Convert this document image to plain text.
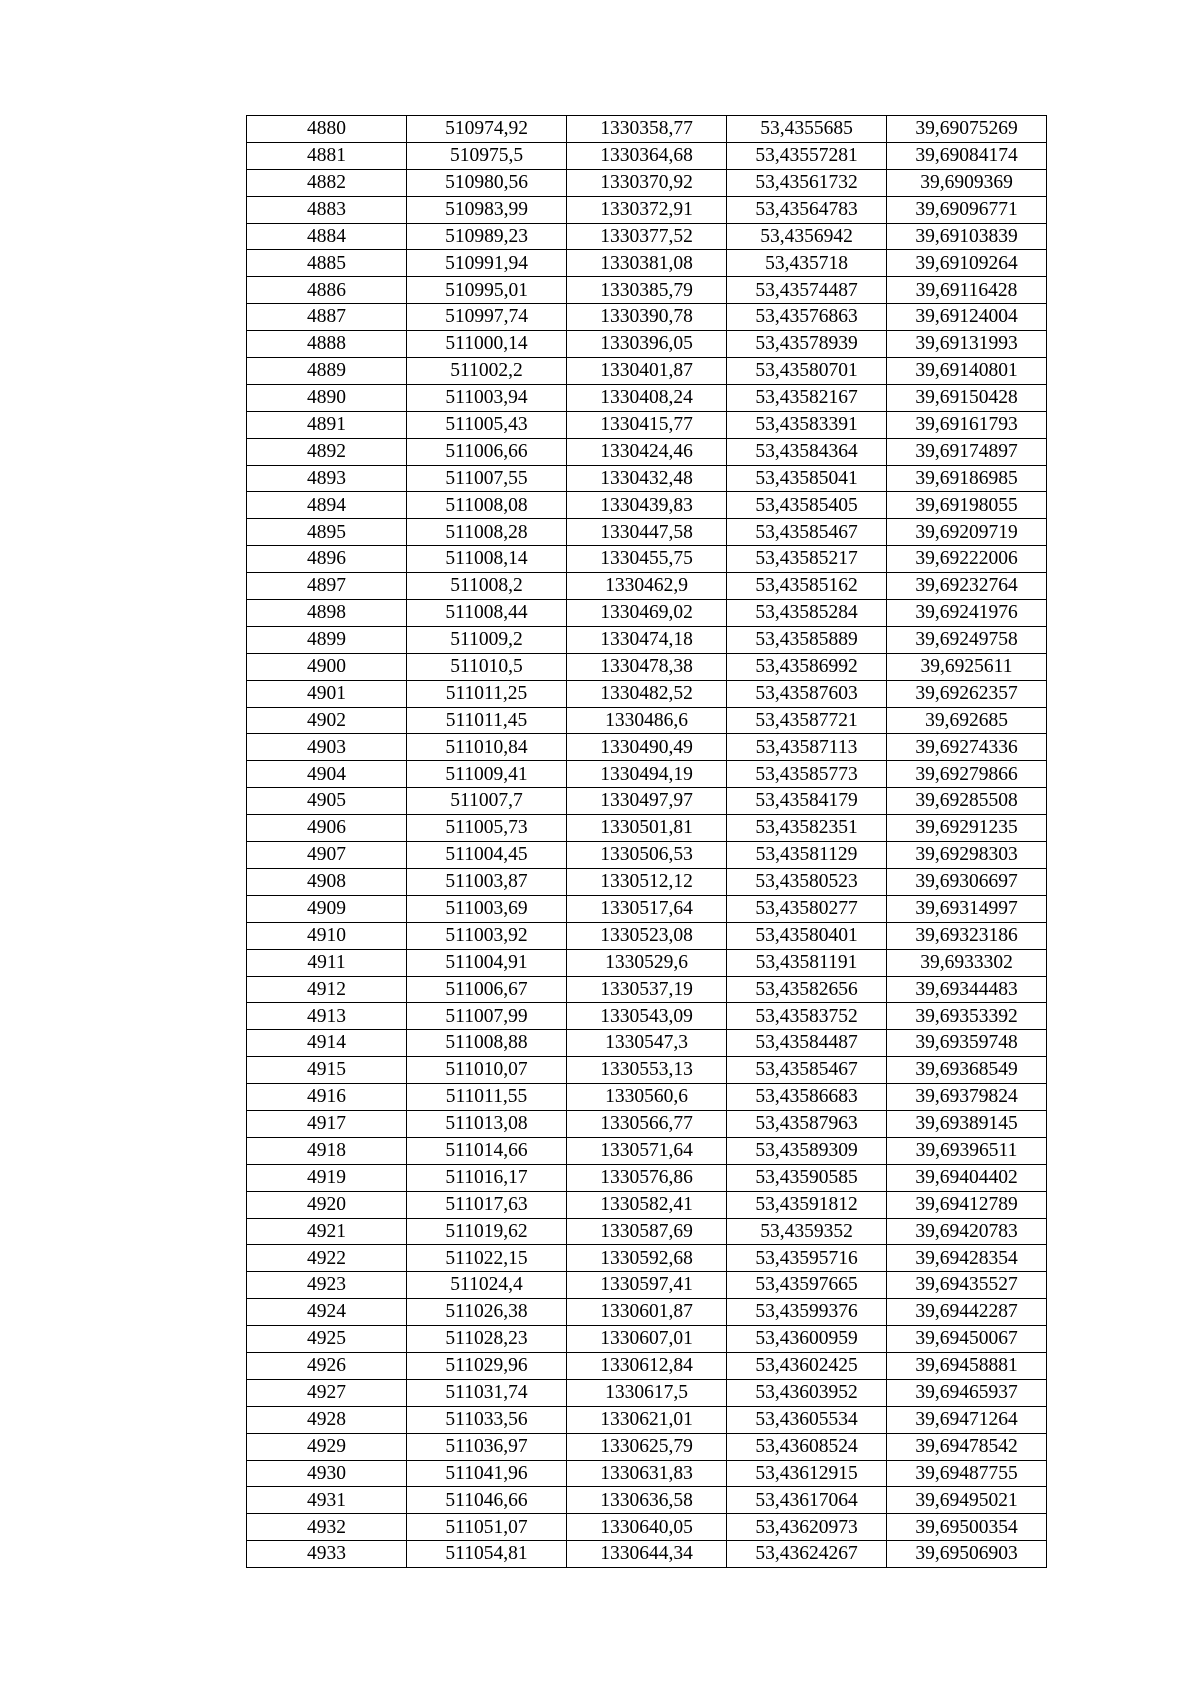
4880	510974,92	1330358,77	53,4355685	39,69075269
4881	510975,5	1330364,68	53,43557281	39,69084174
4882	510980,56	1330370,92	53,43561732	39,6909369
4883	510983,99	1330372,91	53,43564783	39,69096771
4884	510989,23	1330377,52	53,4356942	39,69103839
4885	510991,94	1330381,08	53,435718	39,69109264
4886	510995,01	1330385,79	53,43574487	39,69116428
4887	510997,74	1330390,78	53,43576863	39,69124004
4888	511000,14	1330396,05	53,43578939	39,69131993
4889	511002,2	1330401,87	53,43580701	39,69140801
4890	511003,94	1330408,24	53,43582167	39,69150428
4891	511005,43	1330415,77	53,43583391	39,69161793
4892	511006,66	1330424,46	53,43584364	39,69174897
4893	511007,55	1330432,48	53,43585041	39,69186985
4894	511008,08	1330439,83	53,43585405	39,69198055
4895	511008,28	1330447,58	53,43585467	39,69209719
4896	511008,14	1330455,75	53,43585217	39,69222006
4897	511008,2	1330462,9	53,43585162	39,69232764
4898	511008,44	1330469,02	53,43585284	39,69241976
4899	511009,2	1330474,18	53,43585889	39,69249758
4900	511010,5	1330478,38	53,43586992	39,6925611
4901	511011,25	1330482,52	53,43587603	39,69262357
4902	511011,45	1330486,6	53,43587721	39,692685
4903	511010,84	1330490,49	53,43587113	39,69274336
4904	511009,41	1330494,19	53,43585773	39,69279866
4905	511007,7	1330497,97	53,43584179	39,69285508
4906	511005,73	1330501,81	53,43582351	39,69291235
4907	511004,45	1330506,53	53,43581129	39,69298303
4908	511003,87	1330512,12	53,43580523	39,69306697
4909	511003,69	1330517,64	53,43580277	39,69314997
4910	511003,92	1330523,08	53,43580401	39,69323186
4911	511004,91	1330529,6	53,43581191	39,6933302
4912	511006,67	1330537,19	53,43582656	39,69344483
4913	511007,99	1330543,09	53,43583752	39,69353392
4914	511008,88	1330547,3	53,43584487	39,69359748
4915	511010,07	1330553,13	53,43585467	39,69368549
4916	511011,55	1330560,6	53,43586683	39,69379824
4917	511013,08	1330566,77	53,43587963	39,69389145
4918	511014,66	1330571,64	53,43589309	39,69396511
4919	511016,17	1330576,86	53,43590585	39,69404402
4920	511017,63	1330582,41	53,43591812	39,69412789
4921	511019,62	1330587,69	53,4359352	39,69420783
4922	511022,15	1330592,68	53,43595716	39,69428354
4923	511024,4	1330597,41	53,43597665	39,69435527
4924	511026,38	1330601,87	53,43599376	39,69442287
4925	511028,23	1330607,01	53,43600959	39,69450067
4926	511029,96	1330612,84	53,43602425	39,69458881
4927	511031,74	1330617,5	53,43603952	39,69465937
4928	511033,56	1330621,01	53,43605534	39,69471264
4929	511036,97	1330625,79	53,43608524	39,69478542
4930	511041,96	1330631,83	53,43612915	39,69487755
4931	511046,66	1330636,58	53,43617064	39,69495021
4932	511051,07	1330640,05	53,43620973	39,69500354
4933	511054,81	1330644,34	53,43624267	39,69506903
